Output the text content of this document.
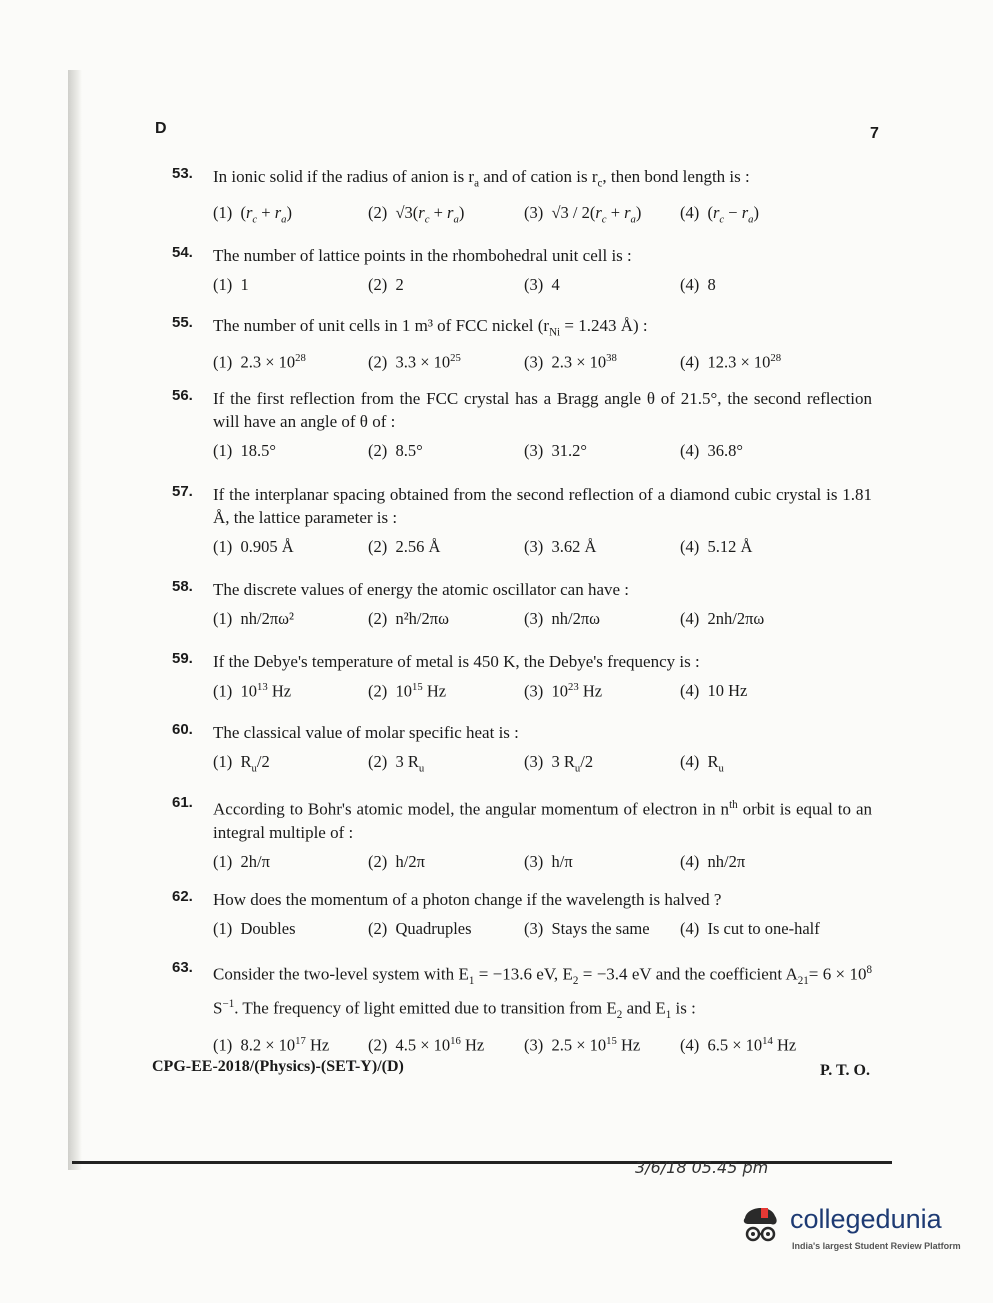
D	7
53. In ionic solid if the radius of anion is $r_a$ and of cation is $r_c$, then bond length is :
(1)  $(r_c + r_a)$	(2)  $√3(r_c + r_a)$	(3)  $√3 / 2(r_c + r_a)$ (4)  $(r_c - r_a)$
54. The number of lattice points in the rhombohedral unit cell is :
(1)  1	(2)  2	(3)  4	(4)  8
55. The number of unit cells in 1 m³ of FCC nickel ($r_{Ni} = 1.243$ Å) :
(1)  $2.3 \times 10^{28}$	(2)  $3.3 \times 10^{25}$	(3)  $2.3 \times 10^{38}$	(4)  $12.3 \times 10^{28}$
56. If the first reflection from the FCC crystal has a Bragg angle θ of 21.5°, the second reflection will have an angle of θ of :
(1)  18.5°	(2)  8.5°	(3)  31.2°	(4)  36.8°
57. If the interplanar spacing obtained from the second reflection of a diamond cubic crystal is 1.81 Å, the lattice parameter is :
(1)  0.905 Å	(2)  2.56 Å	(3)  3.62 Å	(4)  5.12 Å
58. The discrete values of energy the atomic oscillator can have :
(1)  nh/2πω²	(2)  n²h/2πω	(3)  nh/2πω	(4)  2nh/2πω
59. If the Debye's temperature of metal is 450 K, the Debye's frequency is :
(1)  $10^{13}$ Hz	(2)  $10^{15}$ Hz	(3)  $10^{23}$ Hz	(4)  10 Hz
60. The classical value of molar specific heat is :
(1)  $R_u/2$	(2)  3 $R_u$	(3)  3 $R_u/2$	(4)  $R_u$
61. According to Bohr's atomic model, the angular momentum of electron in $n^{th}$ orbit is equal to an integral multiple of :
(1)  2h/π	(2)  h/2π	(3)  h/π	(4)  nh/2π
62. How does the momentum of a photon change if the wavelength is halved ?
(1)  Doubles	(2)  Quadruples	(3)  Stays the same (4)  Is cut to one-half
63. Consider the two-level system with $E_1 = -13.6$ eV, $E_2 = -3.4$ eV and the coefficient $A_{21}= 6 \times 10^8$ $S^{-1}$. The frequency of light emitted due to transition from $E_2$ and $E_1$ is :
(1)  $8.2 \times 10^{17}$ Hz (2)  $4.5 \times 10^{16}$ Hz (3)  $2.5 \times 10^{15}$ Hz (4)  $6.5 \times 10^{14}$ Hz
CPG-EE-2018/(Physics)-(SET-Y)/(D)	P. T. O.
3/6/18 05.45 pm
collegedunia
India's largest Student Review Platform
